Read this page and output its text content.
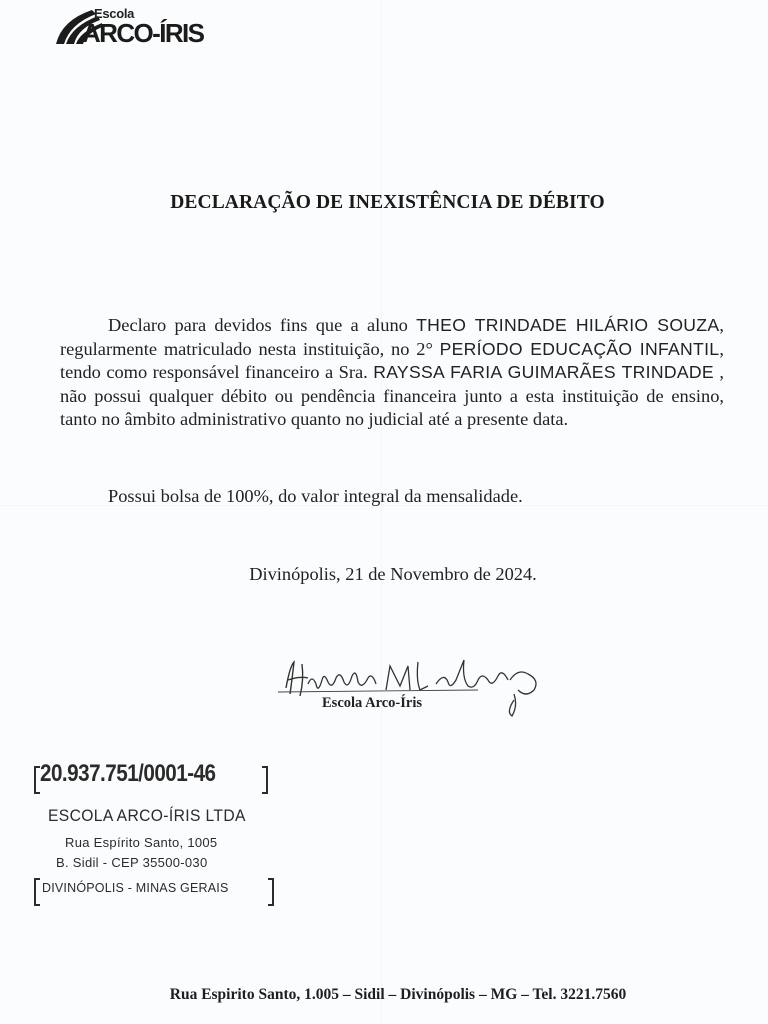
Escola
ARCO-ÍRIS
DECLARAÇÃO DE INEXISTÊNCIA DE DÉBITO

Declaro para devidos fins que a aluno THEO TRINDADE HILÁRIO SOUZA, regularmente matriculado nesta instituição, no 2° PERÍODO EDUCAÇÃO INFANTIL, tendo como responsável financeiro a Sra. RAYSSA FARIA GUIMARÃES TRINDADE , não possui qualquer débito ou pendência financeira junto a esta instituição de ensino, tanto no âmbito administrativo quanto no judicial até a presente data.

Possui bolsa de 100%, do valor integral da mensalidade.
Divinópolis, 21 de Novembro de 2024.
Escola Arco-Íris
20.937.751/0001-46
ESCOLA ARCO-ÍRIS LTDA
Rua Espírito Santo, 1005
B. Sidil - CEP 35500-030
DIVINÓPOLIS - MINAS GERAIS
Rua Espirito Santo, 1.005 – Sidil – Divinópolis – MG – Tel. 3221.7560
